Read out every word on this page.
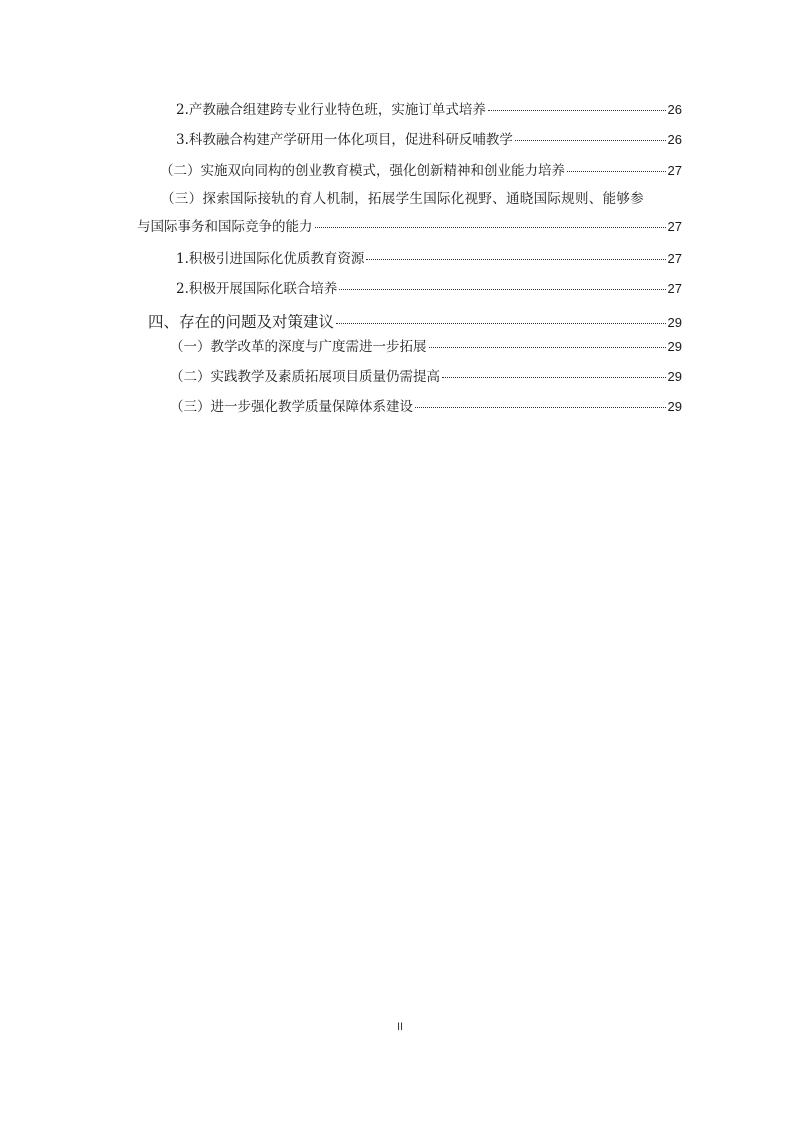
2.产教融合组建跨专业行业特色班，实施订单式培养	26
3.科教融合构建产学研用一体化项目，促进科研反哺教学	26
（二）实施双向同构的创业教育模式，强化创新精神和创业能力培养	27
（三）探索国际接轨的育人机制，拓展学生国际化视野、通晓国际规则、能够参
与国际事务和国际竞争的能力	27
1.积极引进国际化优质教育资源	27
2.积极开展国际化联合培养	27
四、存在的问题及对策建议	29
（一）教学改革的深度与广度需进一步拓展	29
（二）实践教学及素质拓展项目质量仍需提高	29
（三）进一步强化教学质量保障体系建设	29
II
